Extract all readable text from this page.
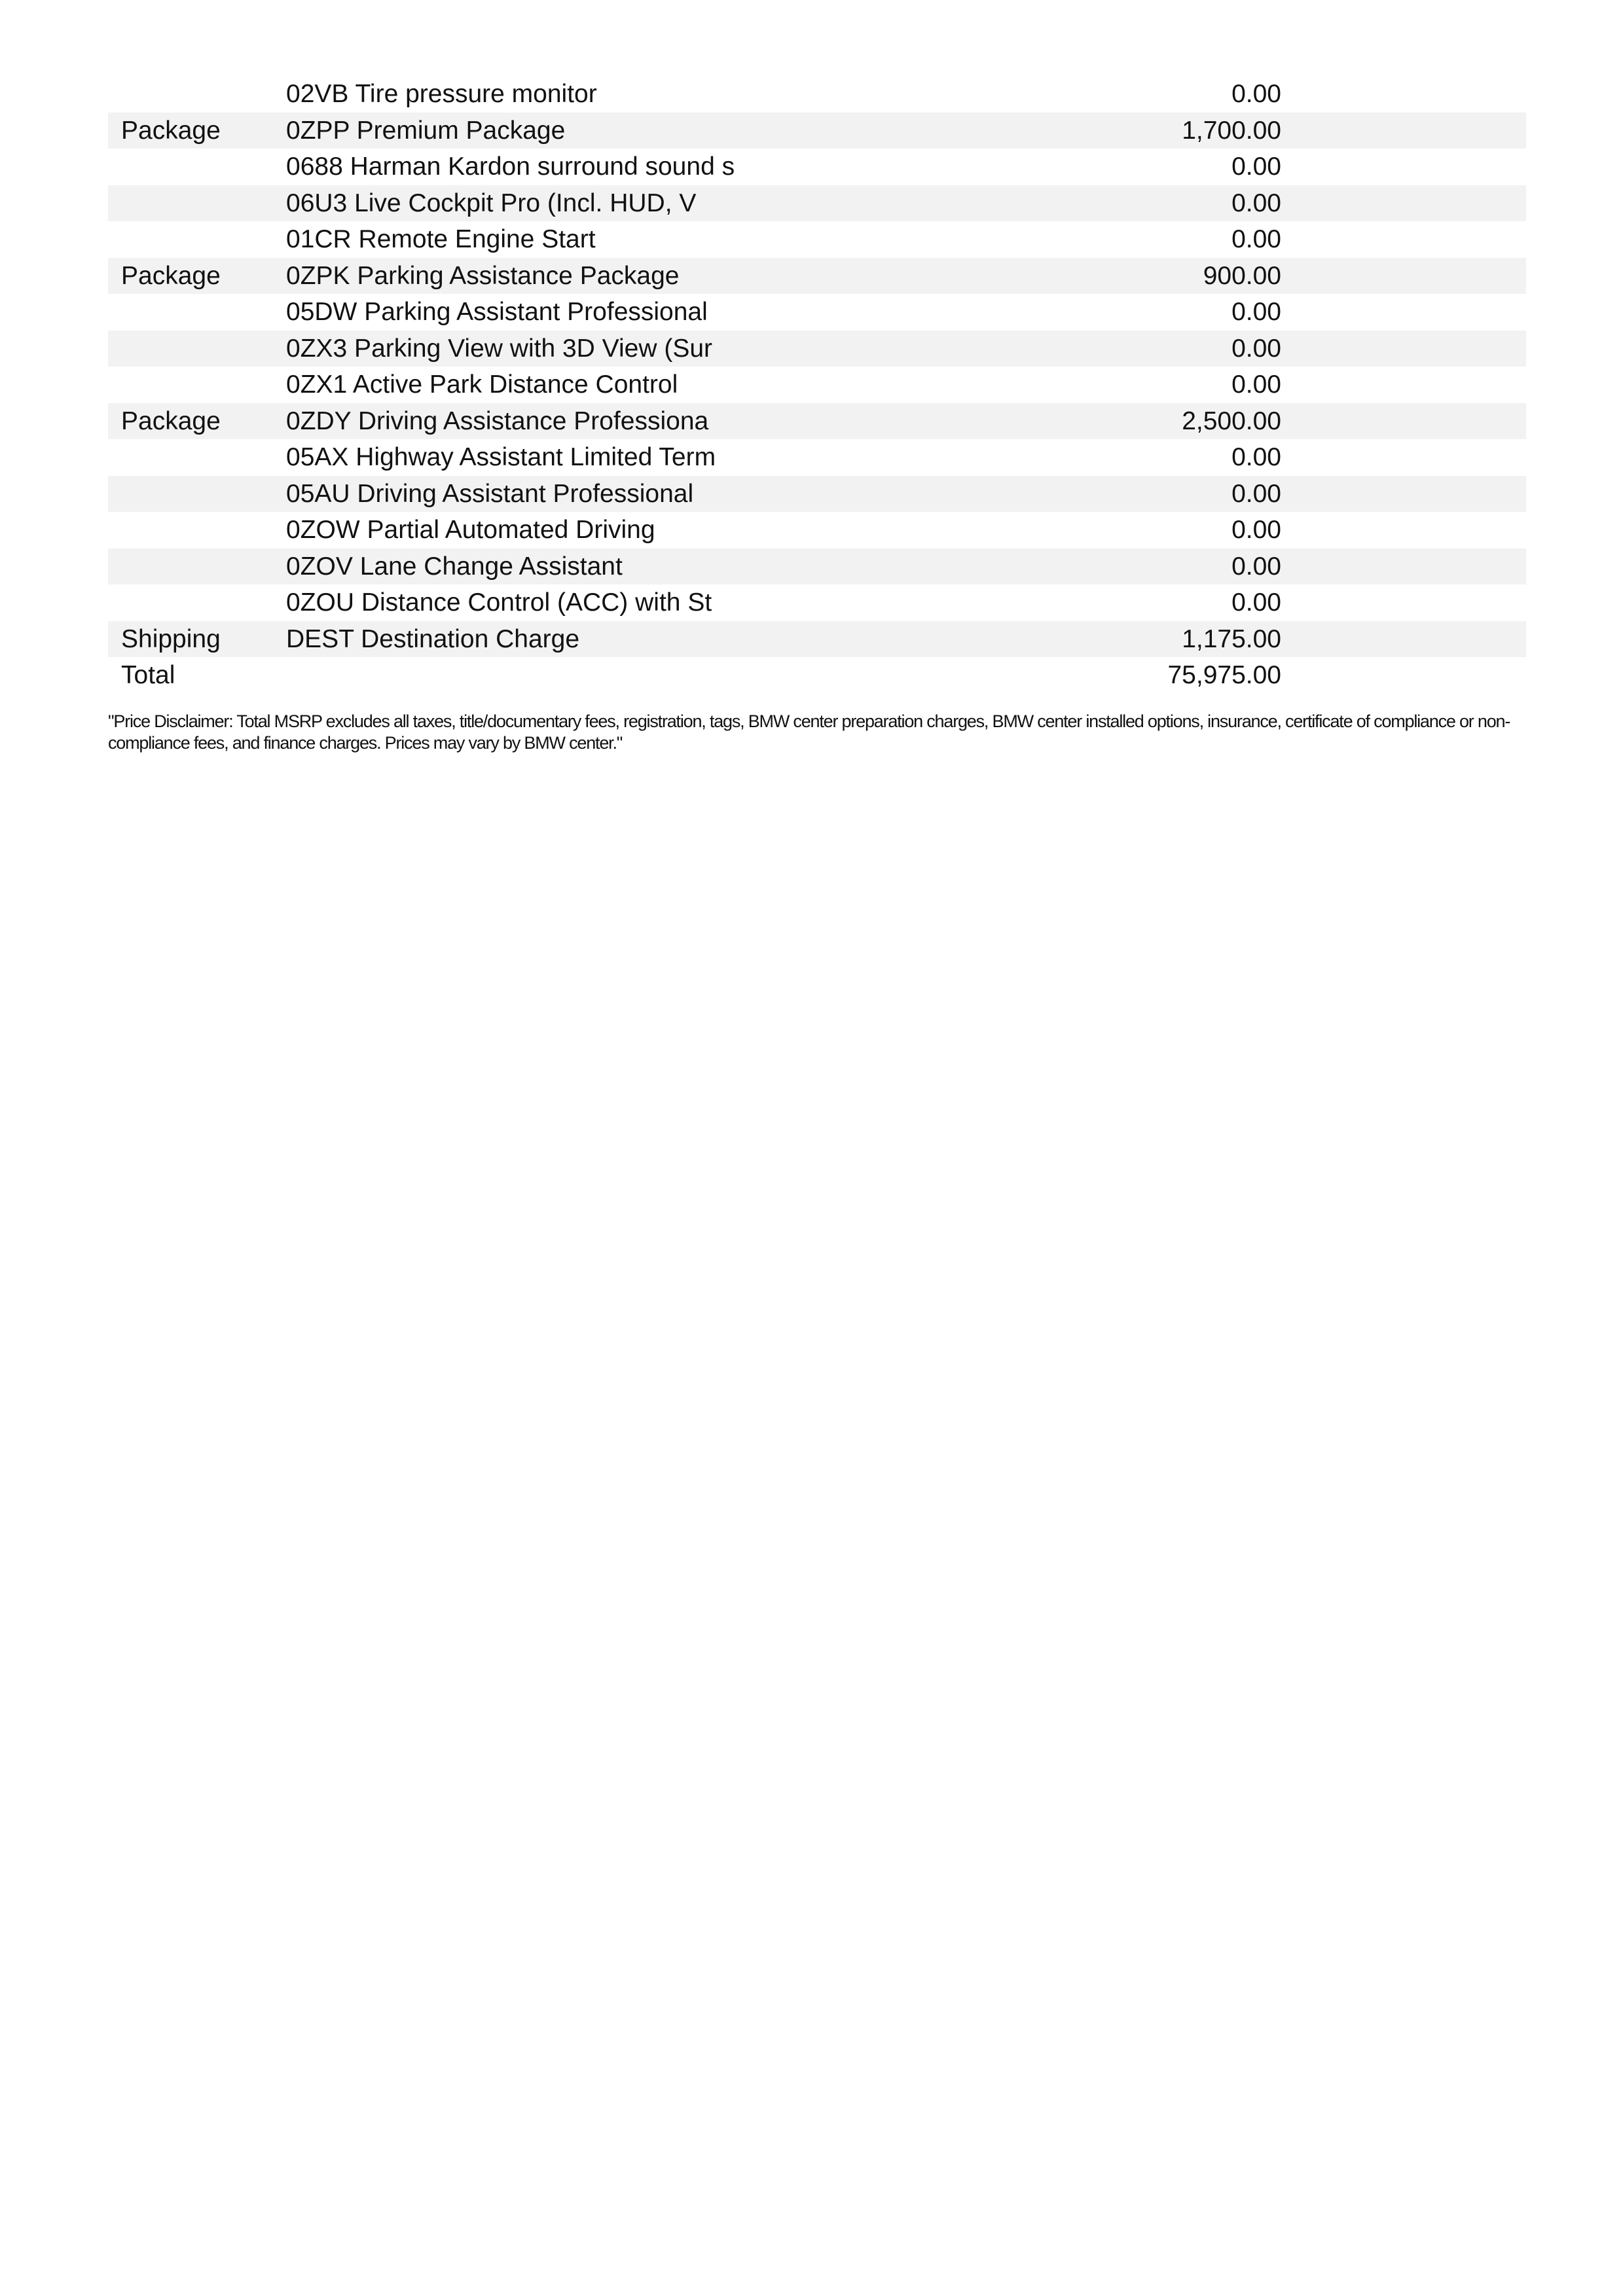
02VB Tire pressure monitor	0.00
Package	0ZPP Premium Package	1,700.00
0688 Harman Kardon surround sound s	0.00
06U3 Live Cockpit Pro (Incl. HUD, V	0.00
01CR Remote Engine Start	0.00
Package	0ZPK Parking Assistance Package	900.00
05DW Parking Assistant Professional	0.00
0ZX3 Parking View with 3D View (Sur	0.00
0ZX1 Active Park Distance Control	0.00
Package	0ZDY Driving Assistance Professiona	2,500.00
05AX Highway Assistant Limited Term	0.00
05AU Driving Assistant Professional	0.00
0ZOW Partial Automated Driving	0.00
0ZOV Lane Change Assistant	0.00
0ZOU Distance Control (ACC) with St	0.00
Shipping	DEST Destination Charge	1,175.00
Total	75,975.00
"Price Disclaimer: Total MSRP excludes all taxes, title/documentary fees, registration, tags, BMW center preparation charges, BMW center installed options, insurance, certificate of compliance or non-compliance fees, and finance charges. Prices may vary by BMW center."
